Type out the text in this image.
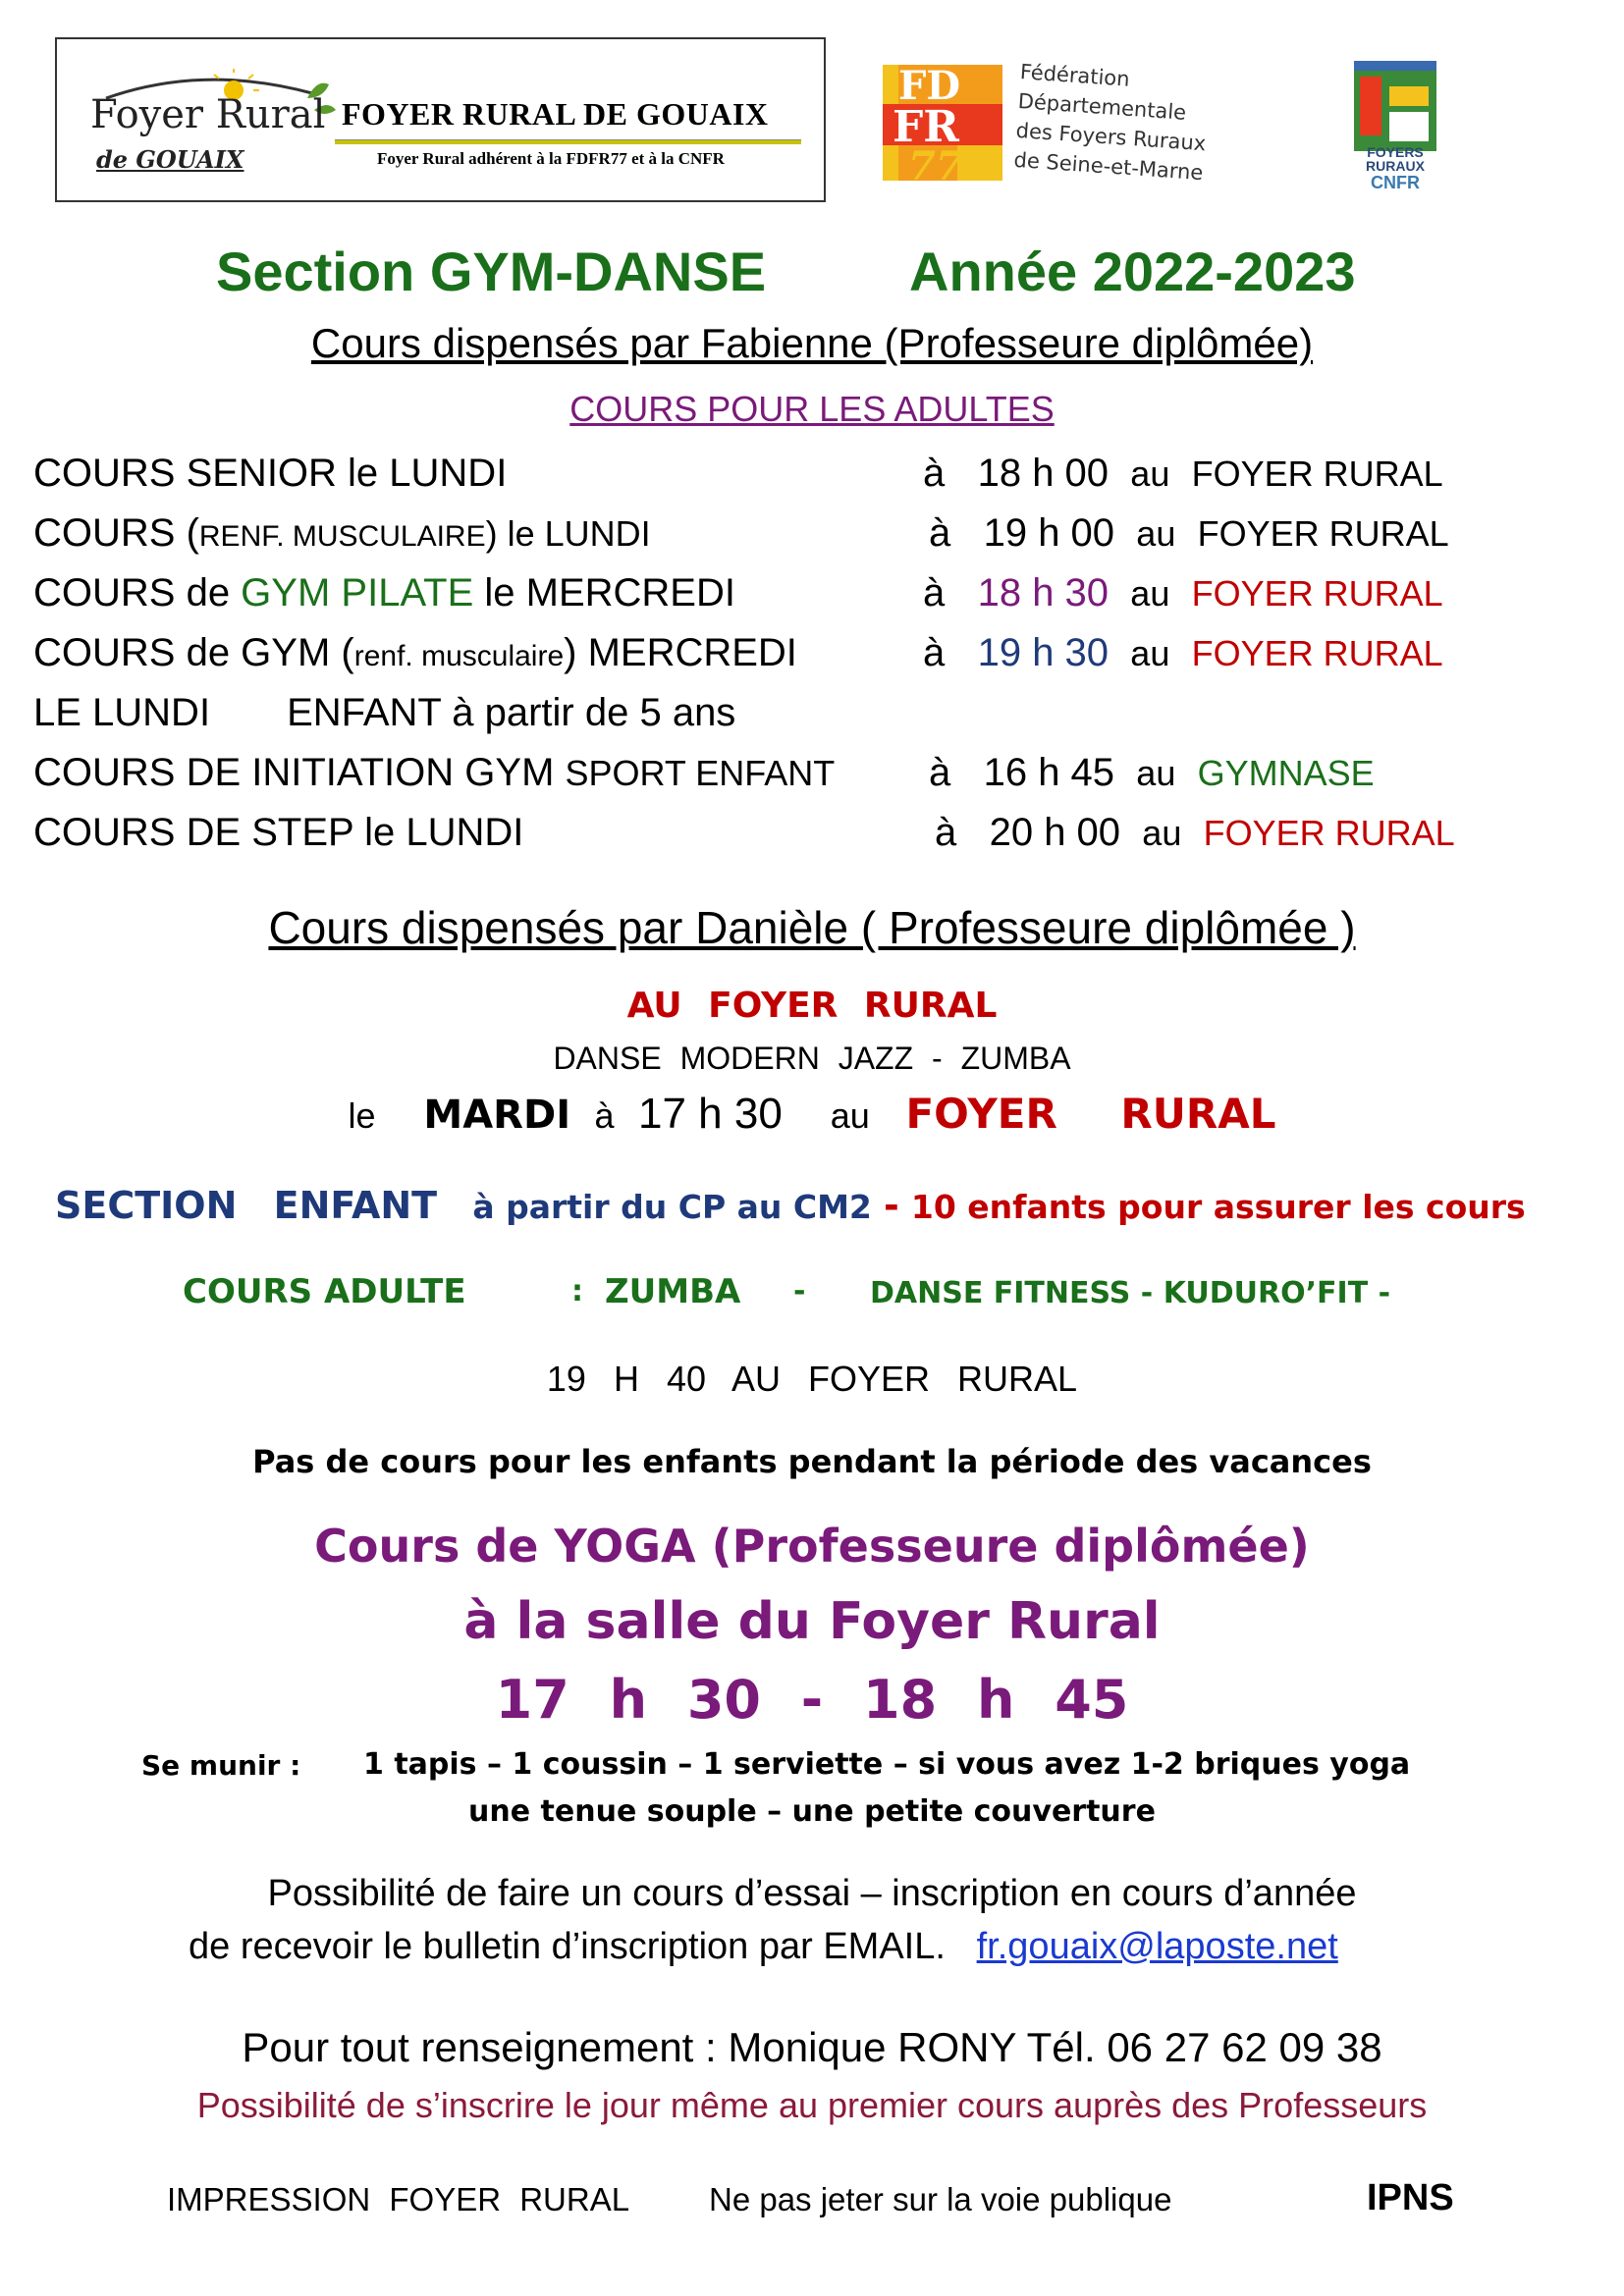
Foyer Rural
de GOUAIX
FOYER RURAL DE GOUAIX
Foyer Rural adhérent à la FDFR77 et à la CNFR
FD
FR
77
Fédération
Départementale
des Foyers Ruraux
de Seine-et-Marne	FOYERS
RURAUX
CNFR
Section GYM-DANSE	Année 2022-2023
Cours dispensés par Fabienne (Professeure diplômée)
COURS POUR LES ADULTES
COURS SENIOR le LUNDI	à 18 h 00 au FOYER RURAL
COURS (RENF. MUSCULAIRE) le LUNDI	à 19 h 00 au FOYER RURAL
COURS de GYM PILATE le MERCREDI	à 18 h 30 au FOYER RURAL
COURS de GYM (renf. musculaire) MERCREDI	à 19 h 30 au FOYER RURAL
LE LUNDI ENFANT à partir de 5 ans
COURS DE INITIATION GYM SPORT ENFANT à 16 h 45 au GYMNASE
COURS DE STEP le LUNDI	à 20 h 00 au FOYER RURAL
Cours dispensés par Danièle ( Professeure diplômée )
AU FOYER RURAL
DANSE MODERN JAZZ - ZUMBA
le MARDI à 17 h 30 au FOYER RURAL
SECTION ENFANT à partir du CP au CM2 - 10 enfants pour assurer les cours
COURS ADULTE	: ZUMBA - DANSE FITNESS - KUDURO’FIT -
19 H 40 AU FOYER RURAL
Pas de cours pour les enfants pendant la période des vacances
Cours de YOGA (Professeure diplômée)
à la salle du Foyer Rural
17 h 30 - 18 h 45
Se munir : 1 tapis – 1 coussin – 1 serviette – si vous avez 1-2 briques yoga
une tenue souple – une petite couverture
Possibilité de faire un cours d’essai – inscription en cours d’année
de recevoir le bulletin d’inscription par EMAIL. fr.gouaix@laposte.net
Pour tout renseignement : Monique RONY Tél. 06 27 62 09 38
Possibilité de s’inscrire le jour même au premier cours auprès des Professeurs
IMPRESSION FOYER RURAL Ne pas jeter sur la voie publique	IPNS
